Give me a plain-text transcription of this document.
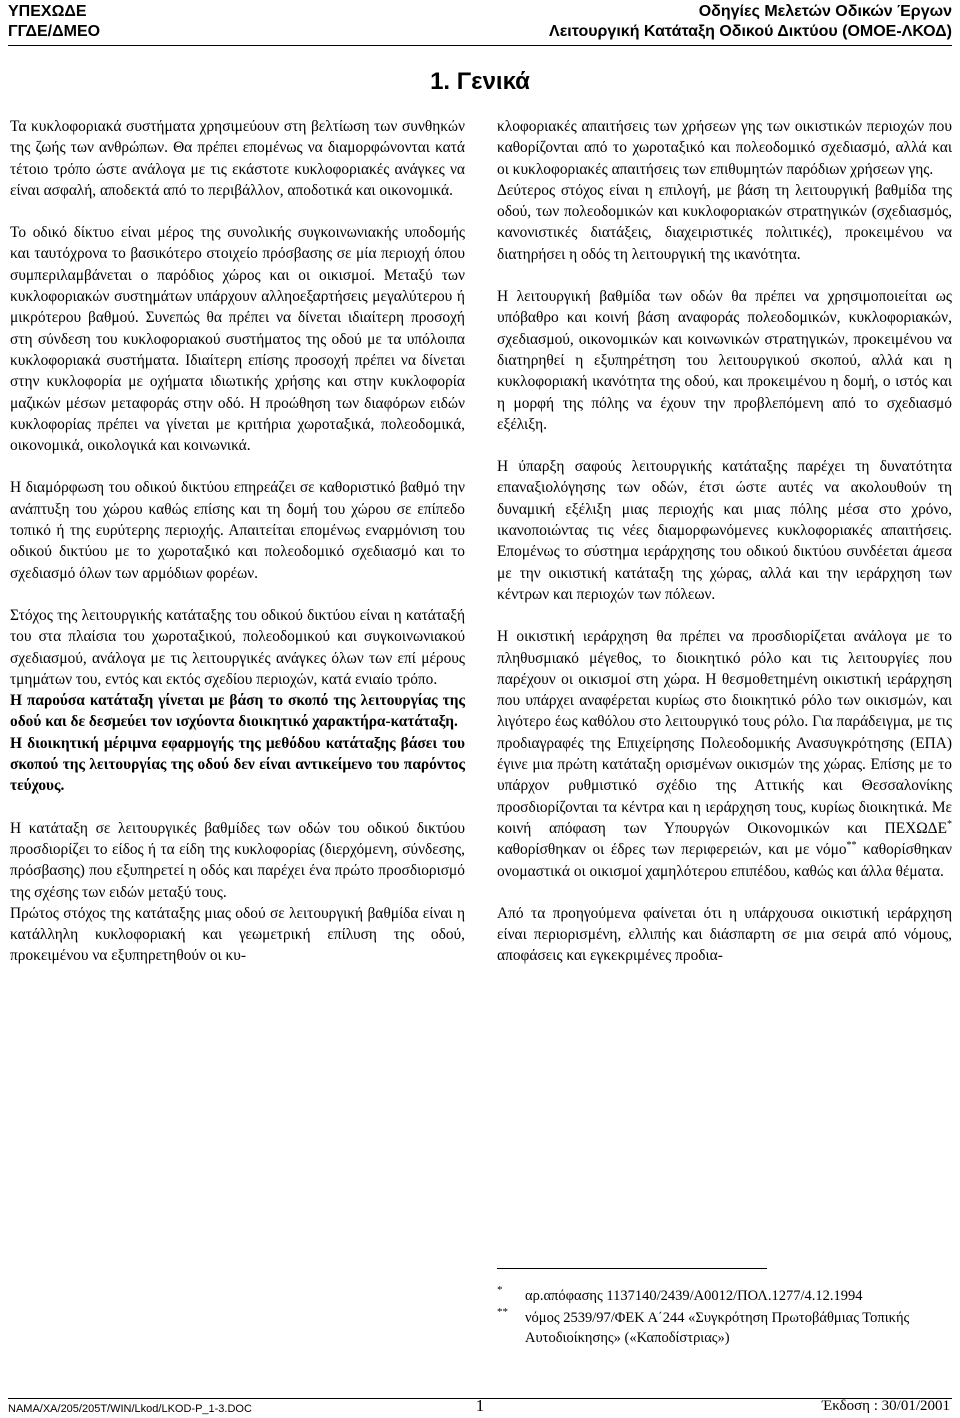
ΥΠΕΧΩΔΕ
ΓΓΔΕ/ΔΜΕΟ
Οδηγίες Μελετών Οδικών Έργων
Λειτουργική Κατάταξη Οδικού Δικτύου (ΟΜΟΕ-ΛΚΟΔ)
1. Γενικά

Τα κυκλοφοριακά συστήματα χρησιμεύουν στη βελτίωση των συνθηκών της ζωής των ανθρώπων. Θα πρέπει επομένως να διαμορφώνονται κατά τέτοιο τρόπο ώστε ανάλογα με τις εκάστοτε κυκλοφοριακές ανάγκες να είναι ασφαλή, αποδεκτά από το περιβάλλον, αποδοτικά και οικονομικά.

Το οδικό δίκτυο είναι μέρος της συνολικής συγκοινωνιακής υποδομής και ταυτόχρονα το βασικότερο στοιχείο πρόσβασης σε μία περιοχή όπου συμπεριλαμβάνεται ο παρόδιος χώρος και οι οικισμοί. Μεταξύ των κυκλοφοριακών συστημάτων υπάρχουν αλληοεξαρτήσεις μεγαλύτερου ή μικρότερου βαθμού. Συνεπώς θα πρέπει να δίνεται ιδιαίτερη προσοχή στη σύνδεση του κυκλοφοριακού συστήματος της οδού με τα υπόλοιπα κυκλοφοριακά συστήματα. Ιδιαίτερη επίσης προσοχή πρέπει να δίνεται στην κυκλοφορία με οχήματα ιδιωτικής χρήσης και στην κυκλοφορία μαζικών μέσων μεταφοράς στην οδό. Η προώθηση των διαφόρων ειδών κυκλοφορίας πρέπει να γίνεται με κριτήρια χωροταξικά, πολεοδομικά, οικονομικά, οικολογικά και κοινωνικά.

Η διαμόρφωση του οδικού δικτύου επηρεάζει σε καθοριστικό βαθμό την ανάπτυξη του χώρου καθώς επίσης και τη δομή του χώρου σε επίπεδο τοπικό ή της ευρύτερης περιοχής. Απαιτείται επομένως εναρμόνιση του οδικού δικτύου με το χωροταξικό και πολεοδομικό σχεδιασμό και το σχεδιασμό όλων των αρμόδιων φορέων.

Στόχος της λειτουργικής κατάταξης του οδικού δικτύου είναι η κατάταξή του στα πλαίσια του χωροταξικού, πολεοδομικού και συγκοινωνιακού σχεδιασμού, ανάλογα με τις λειτουργικές ανάγκες όλων των επί μέρους τμημάτων του, εντός και εκτός σχεδίου περιοχών, κατά ενιαίο τρόπο.

Η παρούσα κατάταξη γίνεται με βάση το σκοπό της λειτουργίας της οδού και δε δεσμεύει τον ισχύοντα διοικητικό χαρακτήρα-κατάταξη.

Η διοικητική μέριμνα εφαρμογής της μεθόδου κατάταξης βάσει του σκοπού της λειτουργίας της οδού δεν είναι αντικείμενο του παρόντος τεύχους.

Η κατάταξη σε λειτουργικές βαθμίδες των οδών του οδικού δικτύου προσδιορίζει το είδος ή τα είδη της κυκλοφορίας (διερχόμενη, σύνδεσης, πρόσβασης) που εξυπηρετεί η οδός και παρέχει ένα πρώτο προσδιορισμό της σχέσης των ειδών μεταξύ τους.

Πρώτος στόχος της κατάταξης μιας οδού σε λειτουργική βαθμίδα είναι η κατάλληλη κυκλοφοριακή και γεωμετρική επίλυση της οδού, προκειμένου να εξυπηρετηθούν οι κυ-

κλοφοριακές απαιτήσεις των χρήσεων γης των οικιστικών περιοχών που καθορίζονται από το χωροταξικό και πολεοδομικό σχεδιασμό, αλλά και οι κυκλοφοριακές απαιτήσεις των επιθυμητών παρόδιων χρήσεων γης.

Δεύτερος στόχος είναι η επιλογή, με βάση τη λειτουργική βαθμίδα της οδού, των πολεοδομικών και κυκλοφοριακών στρατηγικών (σχεδιασμός, κανονιστικές διατάξεις, διαχειριστικές πολιτικές), προκειμένου να διατηρήσει η οδός τη λειτουργική της ικανότητα.

Η λειτουργική βαθμίδα των οδών θα πρέπει να χρησιμοποιείται ως υπόβαθρο και κοινή βάση αναφοράς πολεοδομικών, κυκλοφοριακών, σχεδιασμού, οικονομικών και κοινωνικών στρατηγικών, προκειμένου να διατηρηθεί η εξυπηρέτηση του λειτουργικού σκοπού, αλλά και η κυκλοφοριακή ικανότητα της οδού, και προκειμένου η δομή, ο ιστός και η μορφή της πόλης να έχουν την προβλεπόμενη από το σχεδιασμό εξέλιξη.

Η ύπαρξη σαφούς λειτουργικής κατάταξης παρέχει τη δυνατότητα επαναξιολόγησης των οδών, έτσι ώστε αυτές να ακολουθούν τη δυναμική εξέλιξη μιας περιοχής και μιας πόλης μέσα στο χρόνο, ικανοποιώντας τις νέες διαμορφωνόμενες κυκλοφοριακές απαιτήσεις. Επομένως το σύστημα ιεράρχησης του οδικού δικτύου συνδέεται άμεσα με την οικιστική κατάταξη της χώρας, αλλά και την ιεράρχηση των κέντρων και περιοχών των πόλεων.

Η οικιστική ιεράρχηση θα πρέπει να προσδιορίζεται ανάλογα με το πληθυσμιακό μέγεθος, το διοικητικό ρόλο και τις λειτουργίες που παρέχουν οι οικισμοί στη χώρα. Η θεσμοθετημένη οικιστική ιεράρχηση που υπάρχει αναφέρεται κυρίως στο διοικητικό ρόλο των οικισμών, και λιγότερο έως καθόλου στο λειτουργικό τους ρόλο. Για παράδειγμα, με τις προδιαγραφές της Επιχείρησης Πολεοδομικής Ανασυγκρότησης (ΕΠΑ) έγινε μια πρώτη κατάταξη ορισμένων οικισμών της χώρας. Επίσης με το υπάρχον ρυθμιστικό σχέδιο της Αττικής και Θεσσαλονίκης προσδιορίζονται τα κέντρα και η ιεράρχηση τους, κυρίως διοικητικά. Με κοινή απόφαση των Υπουργών Οικονομικών και ΠΕΧΩΔΕ* καθορίσθηκαν οι έδρες των περιφερειών, και με νόμο** καθορίσθηκαν ονομαστικά οι οικισμοί χαμηλότερου επιπέδου, καθώς και άλλα θέματα.

Από τα προηγούμενα φαίνεται ότι η υπάρχουσα οικιστική ιεράρχηση είναι περιορισμένη, ελλιπής και διάσπαρτη σε μια σειρά από νόμους, αποφάσεις και εγκεκριμένες προδια-

* αρ.απόφασης 1137140/2439/Α0012/ΠΟΛ.1277/4.12.1994
** νόμος 2539/97/ΦΕΚ Α΄244 «Συγκρότηση Πρωτοβάθμιας Τοπικής Αυτοδιοίκησης» («Καποδίστριας»)
NAMA/XA/205/205T/WIN/Lkod/LKOD-P_1-3.DOC	1	Έκδοση : 30/01/2001
